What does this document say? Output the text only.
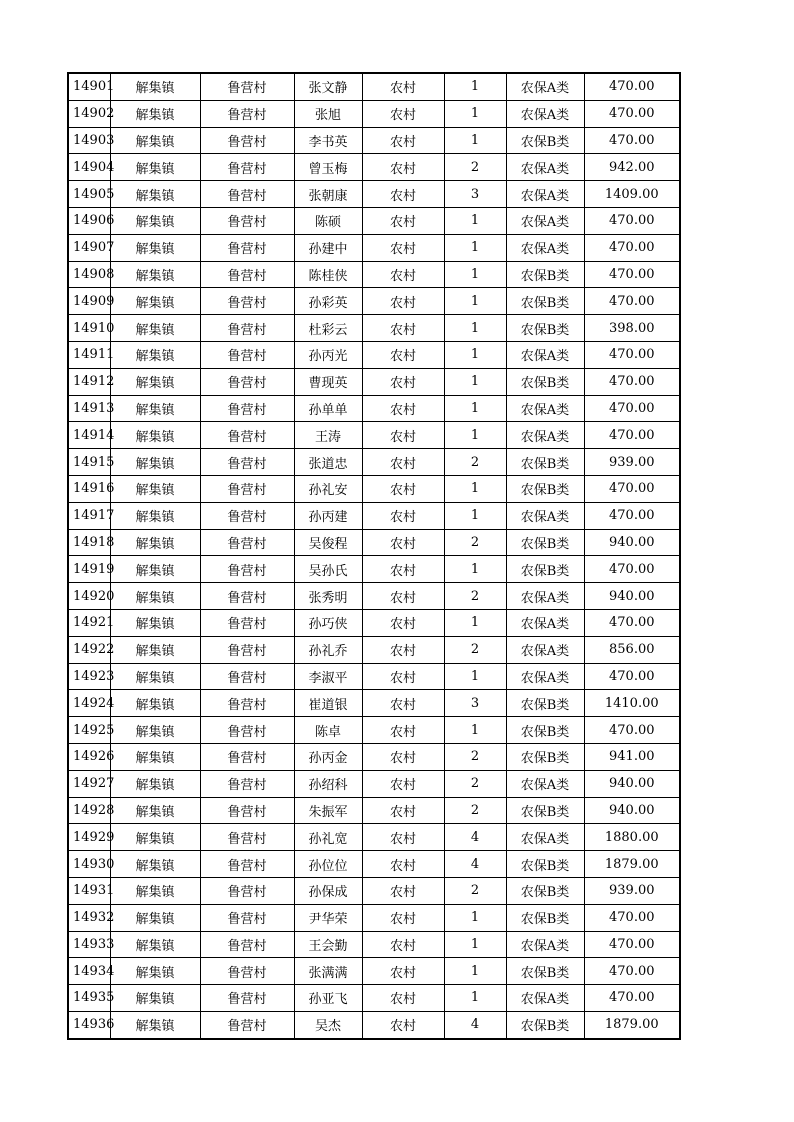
14901	解集镇	鲁营村	张文静	农村	1	农保A类	470.00
14902	解集镇	鲁营村	张旭	农村	1	农保A类	470.00
14903	解集镇	鲁营村	李书英	农村	1	农保B类	470.00
14904	解集镇	鲁营村	曾玉梅	农村	2	农保A类	942.00
14905	解集镇	鲁营村	张朝康	农村	3	农保A类	1409.00
14906	解集镇	鲁营村	陈硕	农村	1	农保A类	470.00
14907	解集镇	鲁营村	孙建中	农村	1	农保A类	470.00
14908	解集镇	鲁营村	陈桂侠	农村	1	农保B类	470.00
14909	解集镇	鲁营村	孙彩英	农村	1	农保B类	470.00
14910	解集镇	鲁营村	杜彩云	农村	1	农保B类	398.00
14911	解集镇	鲁营村	孙丙光	农村	1	农保A类	470.00
14912	解集镇	鲁营村	曹现英	农村	1	农保B类	470.00
14913	解集镇	鲁营村	孙单单	农村	1	农保A类	470.00
14914	解集镇	鲁营村	王涛	农村	1	农保A类	470.00
14915	解集镇	鲁营村	张道忠	农村	2	农保B类	939.00
14916	解集镇	鲁营村	孙礼安	农村	1	农保B类	470.00
14917	解集镇	鲁营村	孙丙建	农村	1	农保A类	470.00
14918	解集镇	鲁营村	吴俊程	农村	2	农保B类	940.00
14919	解集镇	鲁营村	吴孙氏	农村	1	农保B类	470.00
14920	解集镇	鲁营村	张秀明	农村	2	农保A类	940.00
14921	解集镇	鲁营村	孙巧侠	农村	1	农保A类	470.00
14922	解集镇	鲁营村	孙礼乔	农村	2	农保A类	856.00
14923	解集镇	鲁营村	李淑平	农村	1	农保A类	470.00
14924	解集镇	鲁营村	崔道银	农村	3	农保B类	1410.00
14925	解集镇	鲁营村	陈卓	农村	1	农保B类	470.00
14926	解集镇	鲁营村	孙丙金	农村	2	农保B类	941.00
14927	解集镇	鲁营村	孙绍科	农村	2	农保A类	940.00
14928	解集镇	鲁营村	朱振军	农村	2	农保B类	940.00
14929	解集镇	鲁营村	孙礼宽	农村	4	农保A类	1880.00
14930	解集镇	鲁营村	孙位位	农村	4	农保B类	1879.00
14931	解集镇	鲁营村	孙保成	农村	2	农保B类	939.00
14932	解集镇	鲁营村	尹华荣	农村	1	农保B类	470.00
14933	解集镇	鲁营村	王会勤	农村	1	农保A类	470.00
14934	解集镇	鲁营村	张满满	农村	1	农保B类	470.00
14935	解集镇	鲁营村	孙亚飞	农村	1	农保A类	470.00
14936	解集镇	鲁营村	吴杰	农村	4	农保B类	1879.00
